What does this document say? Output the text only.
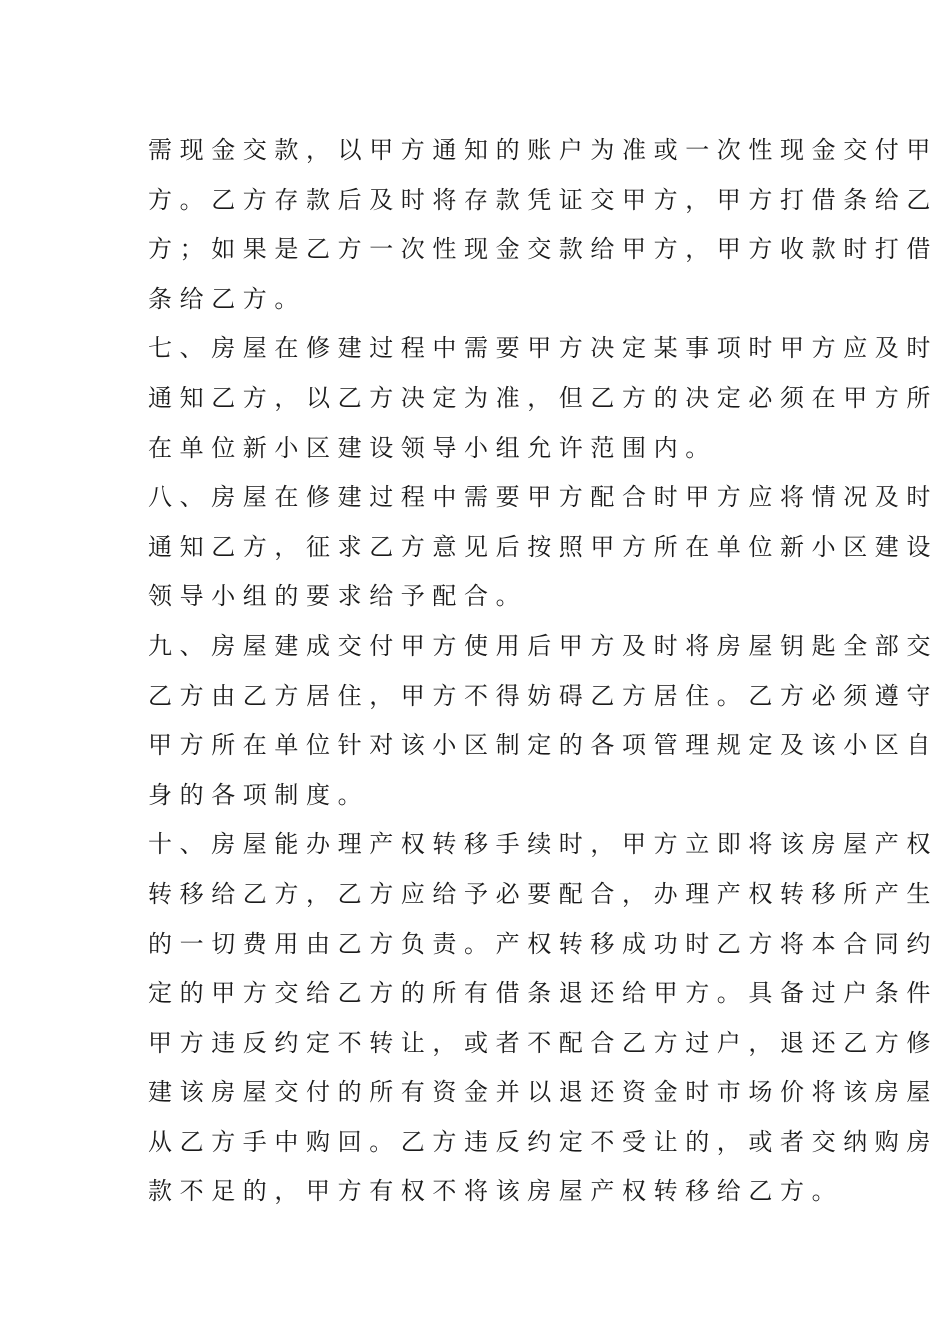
需现金交款，以甲方通知的账户为准或一次性现金交付甲
方。乙方存款后及时将存款凭证交甲方，甲方打借条给乙
方；如果是乙方一次性现金交款给甲方，甲方收款时打借
条给乙方。
七、房屋在修建过程中需要甲方决定某事项时甲方应及时
通知乙方，以乙方决定为准，但乙方的决定必须在甲方所
在单位新小区建设领导小组允许范围内。
八、房屋在修建过程中需要甲方配合时甲方应将情况及时
通知乙方，征求乙方意见后按照甲方所在单位新小区建设
领导小组的要求给予配合。
九、房屋建成交付甲方使用后甲方及时将房屋钥匙全部交
乙方由乙方居住，甲方不得妨碍乙方居住。乙方必须遵守
甲方所在单位针对该小区制定的各项管理规定及该小区自
身的各项制度。
十、房屋能办理产权转移手续时，甲方立即将该房屋产权
转移给乙方，乙方应给予必要配合，办理产权转移所产生
的一切费用由乙方负责。产权转移成功时乙方将本合同约
定的甲方交给乙方的所有借条退还给甲方。具备过户条件
甲方违反约定不转让，或者不配合乙方过户，退还乙方修
建该房屋交付的所有资金并以退还资金时市场价将该房屋
从乙方手中购回。乙方违反约定不受让的，或者交纳购房
款不足的，甲方有权不将该房屋产权转移给乙方。
